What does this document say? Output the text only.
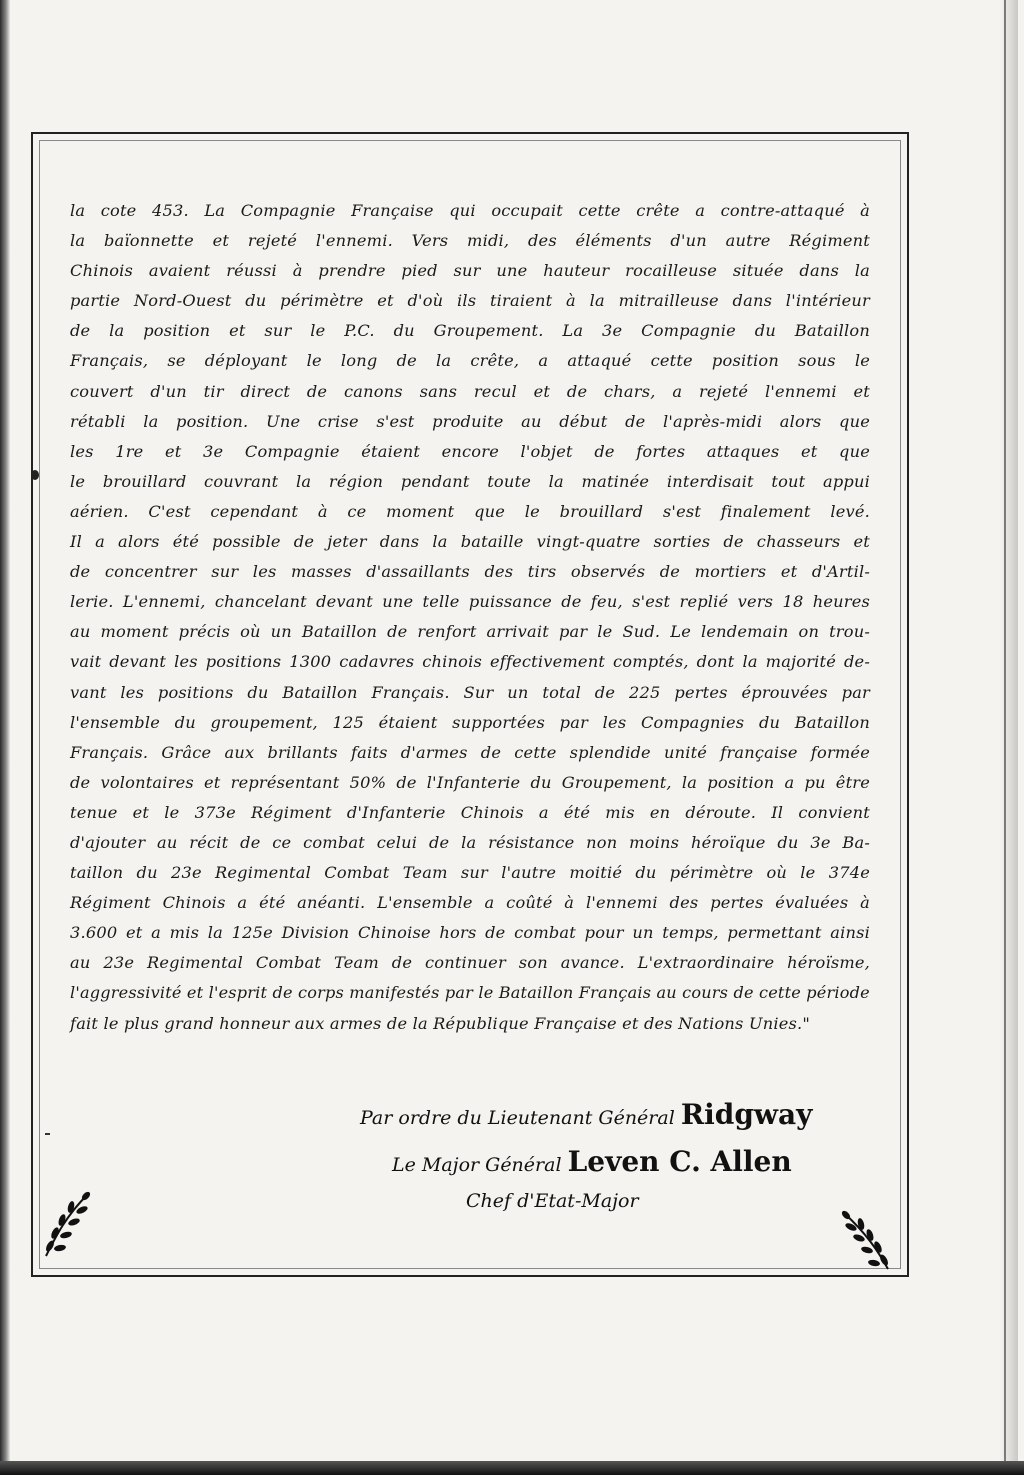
la cote 453. La Compagnie Française qui occupait cette crête a contre-attaqué à
la baïonnette et rejeté l'ennemi. Vers midi, des éléments d'un autre Régiment
Chinois avaient réussi à prendre pied sur une hauteur rocailleuse située dans la
partie Nord-Ouest du périmètre et d'où ils tiraient à la mitrailleuse dans l'intérieur
de la position et sur le P.C. du Groupement. La 3e Compagnie du Bataillon
Français, se déployant le long de la crête, a attaqué cette position sous le
couvert d'un tir direct de canons sans recul et de chars, a rejeté l'ennemi et
rétabli la position. Une crise s'est produite au début de l'après-midi alors que
les 1re et 3e Compagnie étaient encore l'objet de fortes attaques et que
le brouillard couvrant la région pendant toute la matinée interdisait tout appui
aérien. C'est cependant à ce moment que le brouillard s'est finalement levé.
Il a alors été possible de jeter dans la bataille vingt-quatre sorties de chasseurs et
de concentrer sur les masses d'assaillants des tirs observés de mortiers et d'Artil-
lerie. L'ennemi, chancelant devant une telle puissance de feu, s'est replié vers 18 heures
au moment précis où un Bataillon de renfort arrivait par le Sud. Le lendemain on trou-
vait devant les positions 1300 cadavres chinois effectivement comptés, dont la majorité de-
vant les positions du Bataillon Français. Sur un total de 225 pertes éprouvées par
l'ensemble du groupement, 125 étaient supportées par les Compagnies du Bataillon
Français. Grâce aux brillants faits d'armes de cette splendide unité française formée
de volontaires et représentant 50% de l'Infanterie du Groupement, la position a pu être
tenue et le 373e Régiment d'Infanterie Chinois a été mis en déroute. Il convient
d'ajouter au récit de ce combat celui de la résistance non moins héroïque du 3e Ba-
taillon du 23e Regimental Combat Team sur l'autre moitié du périmètre où le 374e
Régiment Chinois a été anéanti. L'ensemble a coûté à l'ennemi des pertes évaluées à
3.600 et a mis la 125e Division Chinoise hors de combat pour un temps, permettant ainsi
au 23e Regimental Combat Team de continuer son avance. L'extraordinaire héroïsme,
l'aggressivité et l'esprit de corps manifestés par le Bataillon Français au cours de cette période
fait le plus grand honneur aux armes de la République Française et des Nations Unies."
Par ordre du Lieutenant Général Ridgway
Le Major Général Leven C. Allen
Chef d'Etat-Major
